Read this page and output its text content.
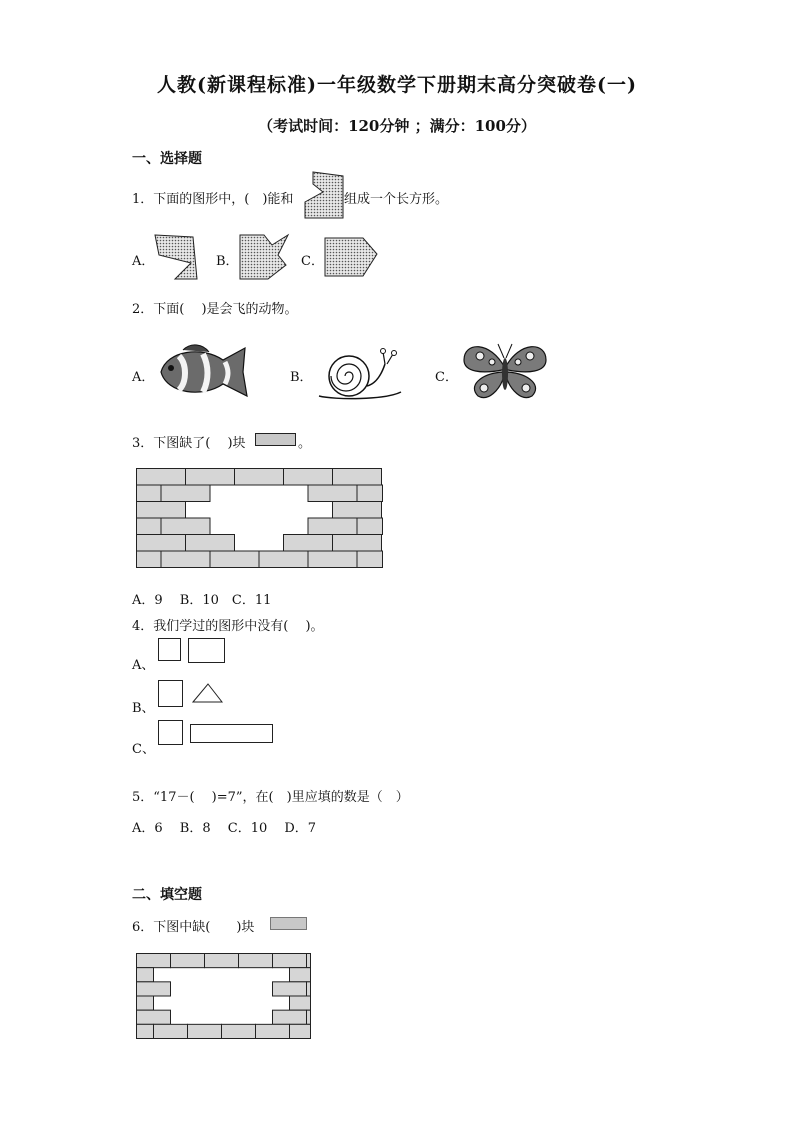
人教(新课程标准)一年级数学下册期末高分突破卷(一)
（考试时间：120分钟 ；满分：100分）
一、选择题
1．下面的图形中，(　)能和	组成一个长方形。
A．	B．	C．
2．下面(　 )是会飞的动物。
A．	B．	C．
3．下图缺了(　 )块	。
A．9　 B．10　C．11
4．我们学过的图形中没有(　 )。
A、
B、
C、
5．“17－(　 )=7”，在(　)里应填的数是（　）
A．6　 B．8　 C．10　 D．7
二、填空题
6．下图中缺(　　)块
